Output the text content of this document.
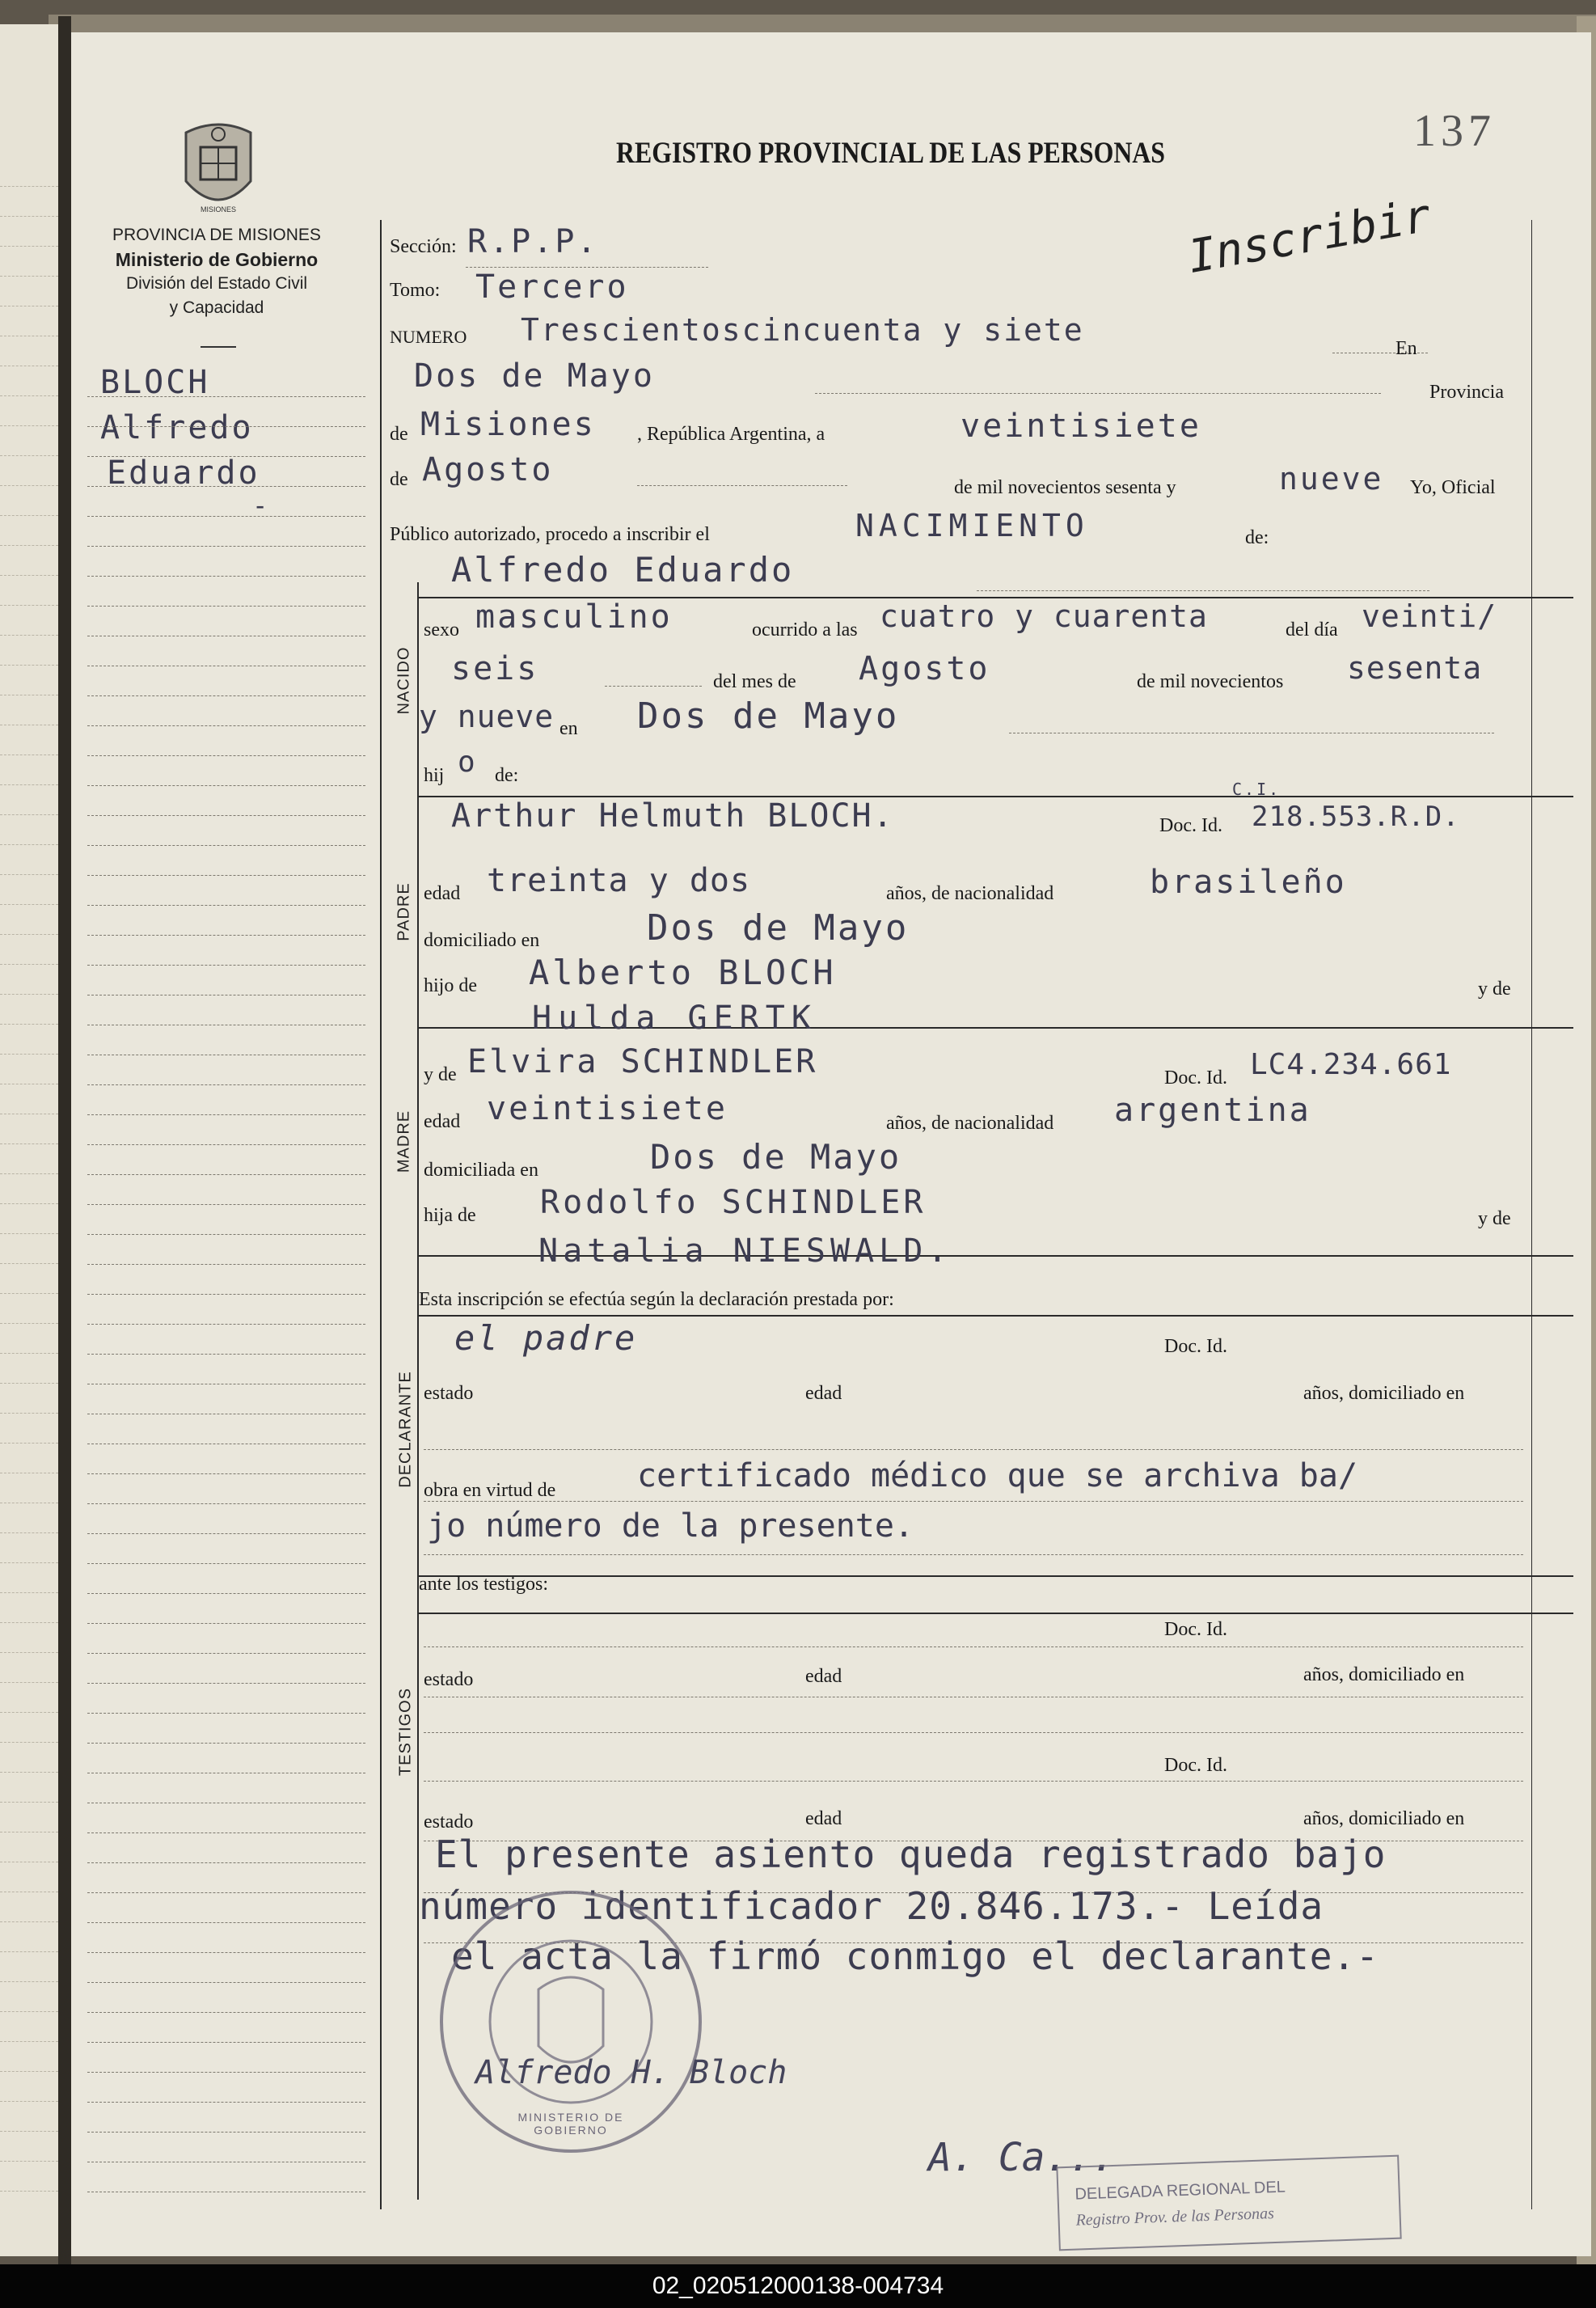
137
MISIONES
PROVINCIA DE MISIONES
Ministerio de Gobierno
División del Estado Civil
y Capacidad
REGISTRO PROVINCIAL DE LAS PERSONAS
Inscribir
BLOCH
Alfredo
Eduardo
-
NACIDO
PADRE
MADRE
DECLARANTE
TESTIGOS
Sección: R.P.P.
Tomo: Tercero
NUMERO Trescientoscincuenta y siete
En
Dos de Mayo	Provincia
de Misiones , República Argentina, a	veintisiete
de Agosto	de mil novecientos sesenta y	nueve Yo, Oficial
Público autorizado, procedo a inscribir el	NACIMIENTO	de:
Alfredo Eduardo
sexo masculino	ocurrido a las cuatro y cuarenta	del día veinti/
seis	del mes de Agosto	de mil novecientos sesenta
y nueve en Dos de Mayo
hij o de:
Arthur Helmuth BLOCH.
C.I.
Doc. Id. 218.553.R.D.
edad treinta y dos	años, de nacionalidad	brasileño
domiciliado en	Dos de Mayo
hijo de Alberto BLOCH	y de
Hulda GERTK
y de Elvira SCHINDLER	Doc. Id. LC4.234.661
edad veintisiete	años, de nacionalidad argentina
domiciliada en	Dos de Mayo
hija de Rodolfo SCHINDLER	y de
Natalia NIESWALD.
Esta inscripción se efectúa según la declaración prestada por:
el padre	Doc. Id.
estado	edad	años, domiciliado en
obra en virtud de	certificado médico que se archiva ba/
jo número de la presente.
ante los testigos:
Doc. Id.
estado	edad	años, domiciliado en
Doc. Id.
estado	edad	años, domiciliado en
El presente asiento queda registrado bajo
número identificador 20.846.173.- Leída
el acta la firmó conmigo el declarante.-
MINISTERIO DE GOBIERNO
Alfredo H. Bloch
A. Ca...
DELEGADA REGIONAL DEL
Registro Prov. de las Personas
02_020512000138-004734
